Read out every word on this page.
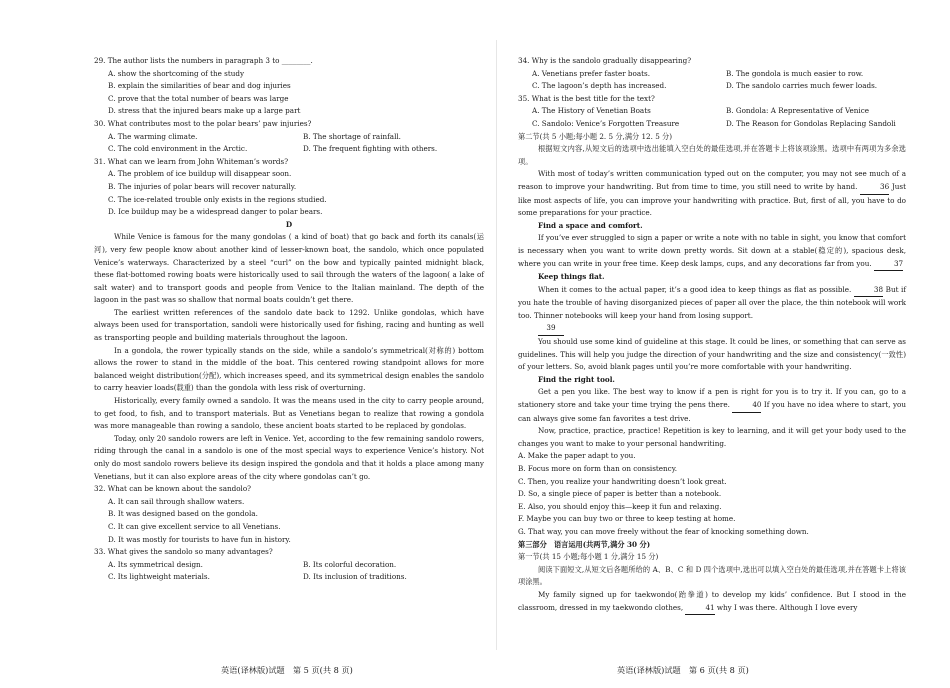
29. The author lists the numbers in paragraph 3 to ________.
A. show the shortcoming of the study
B. explain the similarities of bear and dog injuries
C. prove that the total number of bears was large
D. stress that the injured bears make up a large part
30. What contributes most to the polar bears’ paw injuries?
A. The warming climate.	B. The shortage of rainfall.
C. The cold environment in the Arctic.	D. The frequent fighting with others.
31. What can we learn from John Whiteman’s words?
A. The problem of ice buildup will disappear soon.
B. The injuries of polar bears will recover naturally.
C. The ice-related trouble only exists in the regions studied.
D. Ice buildup may be a widespread danger to polar bears.
D
While Venice is famous for the many gondolas ( a kind of boat) that go back and forth its canals(运河), very few people know about another kind of lesser-known boat, the sandolo, which once populated Venice’s waterways. Characterized by a steel “curl” on the bow and typically painted midnight black, these flat-bottomed rowing boats were historically used to sail through the waters of the lagoon( a lake of salt water) and to transport goods and people from Venice to the Italian mainland. The depth of the lagoon in the past was so shallow that normal boats couldn’t get there.
The earliest written references of the sandolo date back to 1292. Unlike gondolas, which have always been used for transportation, sandoli were historically used for fishing, racing and hunting as well as transporting people and building materials throughout the lagoon.
In a gondola, the rower typically stands on the side, while a sandolo’s symmetrical(对称的) bottom allows the rower to stand in the middle of the boat. This centered rowing standpoint allows for more balanced weight distribution(分配), which increases speed, and its symmetrical design enables the sandolo to carry heavier loads(载重) than the gondola with less risk of overturning.
Historically, every family owned a sandolo. It was the means used in the city to carry people around, to get food, to fish, and to transport materials. But as Venetians began to realize that rowing a gondola was more manageable than rowing a sandolo, these ancient boats started to be replaced by gondolas.
Today, only 20 sandolo rowers are left in Venice. Yet, according to the few remaining sandolo rowers, riding through the canal in a sandolo is one of the most special ways to experience Venice’s history. Not only do most sandolo rowers believe its design inspired the gondola and that it holds a place among many Venetians, but it can also explore areas of the city where gondolas can’t go.
32. What can be known about the sandolo?
A. It can sail through shallow waters.
B. It was designed based on the gondola.
C. It can give excellent service to all Venetians.
D. It was mostly for tourists to have fun in history.
33. What gives the sandolo so many advantages?
A. Its symmetrical design.	B. Its colorful decoration.
C. Its lightweight materials.	D. Its inclusion of traditions.
34. Why is the sandolo gradually disappearing?
A. Venetians prefer faster boats.	B. The gondola is much easier to row.
C. The lagoon’s depth has increased.	D. The sandolo carries much fewer loads.
35. What is the best title for the text?
A. The History of Venetian Boats	B. Gondola: A Representative of Venice
C. Sandolo: Venice’s Forgotten Treasure	D. The Reason for Gondolas Replacing Sandoli
第二节(共 5 小题;每小题 2. 5 分,满分 12. 5 分)
根据短文内容,从短文后的选项中选出能填入空白处的最佳选项,并在答题卡上将该项涂黑。选项中有两项为多余选项。
With most of today’s written communication typed out on the computer, you may not see much of a reason to improve your handwriting. But from time to time, you still need to write by hand.	36 Just like most aspects of life, you can improve your handwriting with practice. But, first of all, you have to do some preparations for your practice.
Find a space and comfort.
If you’ve ever struggled to sign a paper or write a note with no table in sight, you know that comfort is necessary when you want to write down pretty words. Sit down at a stable(稳定的), spacious desk, where you can write in your free time. Keep desk lamps, cups, and any decorations far from you.	37
Keep things flat.
When it comes to the actual paper, it’s a good idea to keep things as flat as possible.	38 But if you hate the trouble of having disorganized pieces of paper all over the place, the thin notebook will work too. Thinner notebooks will keep your hand from losing support.
39
You should use some kind of guideline at this stage. It could be lines, or something that can serve as guidelines. This will help you judge the direction of your handwriting and the size and consistency(一致性) of your letters. So, avoid blank pages until you’re more comfortable with your handwriting.
Find the right tool.
Get a pen you like. The best way to know if a pen is right for you is to try it. If you can, go to a stationery store and take your time trying the pens there.	40 If you have no idea where to start, you can always give some fan favorites a test drive.
Now, practice, practice, practice! Repetition is key to learning, and it will get your body used to the changes you want to make to your personal handwriting.
A. Make the paper adapt to you.
B. Focus more on form than on consistency.
C. Then, you realize your handwriting doesn’t look great.
D. So, a single piece of paper is better than a notebook.
E. Also, you should enjoy this—keep it fun and relaxing.
F. Maybe you can buy two or three to keep testing at home.
G. That way, you can move freely without the fear of knocking something down.
第三部分　语言运用(共两节,满分 30 分)
第一节(共 15 小题;每小题 1 分,满分 15 分)
阅读下面短文,从短文后各题所给的 A、B、C 和 D 四个选项中,选出可以填入空白处的最佳选项,并在答题卡上将该项涂黑。
My family signed up for taekwondo(跆拳道) to develop my kids’ confidence. But I stood in the classroom, dressed in my taekwondo clothes,	41 why I was there. Although I love every
英语(译林版)试题　第 5 页(共 8 页)	英语(译林版)试题　第 6 页(共 8 页)
